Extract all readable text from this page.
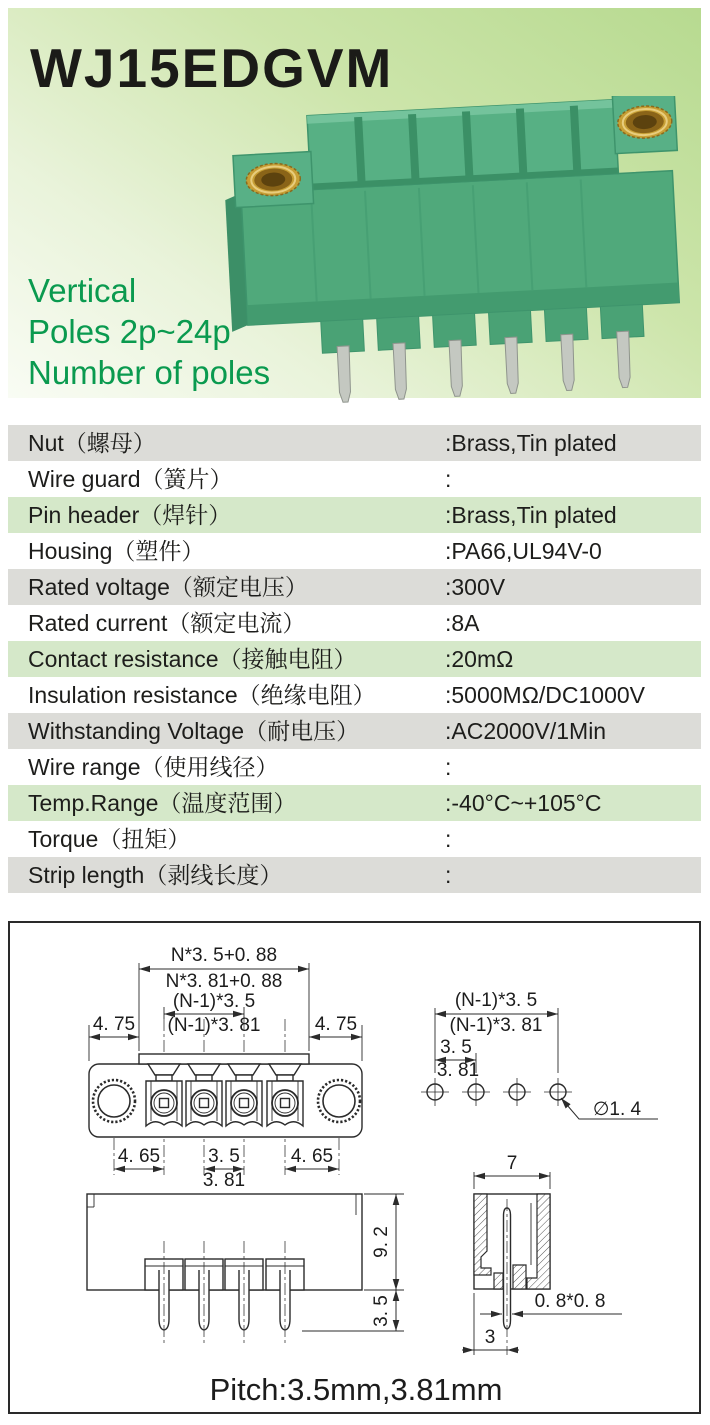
WJ15EDGVM
Vertical
Poles 2p~24p
Number of poles
Nut（螺母）	:Brass,Tin plated
Wire guard（簧片）	:
Pin header（焊针）	:Brass,Tin plated
Housing（塑件）	:PA66,UL94V-0
Rated voltage（额定电压）	:300V
Rated current（额定电流）	:8A
Contact resistance（接触电阻）	:20mΩ
Insulation resistance（绝缘电阻）	:5000MΩ/DC1000V
Withstanding Voltage（耐电压）	:AC2000V/1Min
Wire range（使用线径）	:
Temp.Range（温度范围）	:-40°C~+105°C
Torque（扭矩）	:
Strip length（剥线长度）	:
N*3. 5+0. 88
N*3. 81+0. 88
(N-1)*3. 5
(N-1)*3. 81
4. 75	4. 75
4. 65	3. 5
3. 81
4. 65
(N-1)*3. 5
(N-1)*3. 81
3. 5
3. 81
∅1. 4
9. 2
3. 5
7
0. 8*0. 8
3
Pitch:3.5mm,3.81mm
